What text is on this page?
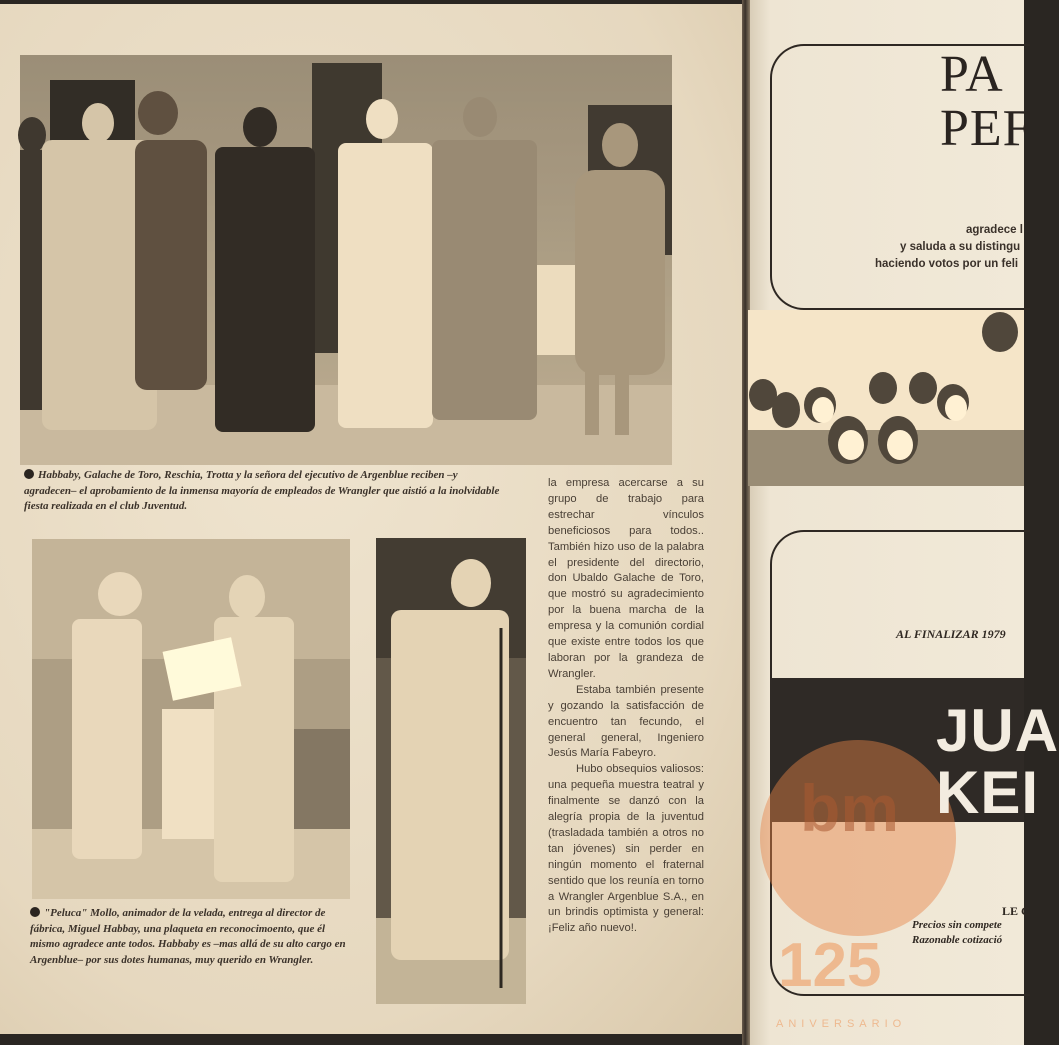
Habbaby, Galache de Toro, Reschia, Trotta y la señora del ejecutivo de Argenblue reciben –y agradecen– el aprobamiento de la inmensa mayoría de empleados de Wrangler que aistió a la inolvidable fiesta realizada en el club Juventud.
"Peluca" Mollo, animador de la velada, entrega al director de fábrica, Miguel Habbay, una plaqueta en reconocimoento, que él mismo agradece ante todos. Habbaby es –mas allá de su alto cargo en Argenblue– por sus dotes humanas, muy querido en Wrangler.

la empresa acercarse a su grupo de trabajo para estrechar vínculos beneficiosos para todos.. También hizo uso de la palabra el presidente del directorio, don Ubaldo Galache de Toro, que mostró su agradecimiento por la buena marcha de la empresa y la comunión cordial que existe entre todos los que laboran por la grandeza de Wrangler.

Estaba también presente y gozando la satisfacción de encuentro tan fecundo, el general general, Ingeniero Jesús María Fabeyro.

Hubo obsequios valiosos: una pequeña muestra teatral y finalmente se danzó con la alegría propia de la juventud (trasladada también a otros no tan jóvenes) sin perder en ningún momento el fraternal sentido que los reunía en torno a Wrangler Argenblue S.A., en un brindis optimista y general: ¡Feliz año nuevo!.

PA
PEF
agradece l
y saluda a su distingu
haciendo votos por un feli
AL FINALIZAR 1979
bm
JUA
KEI
LE C
Precios sin compete
Razonable cotizació
125
ANIVERSARIO
